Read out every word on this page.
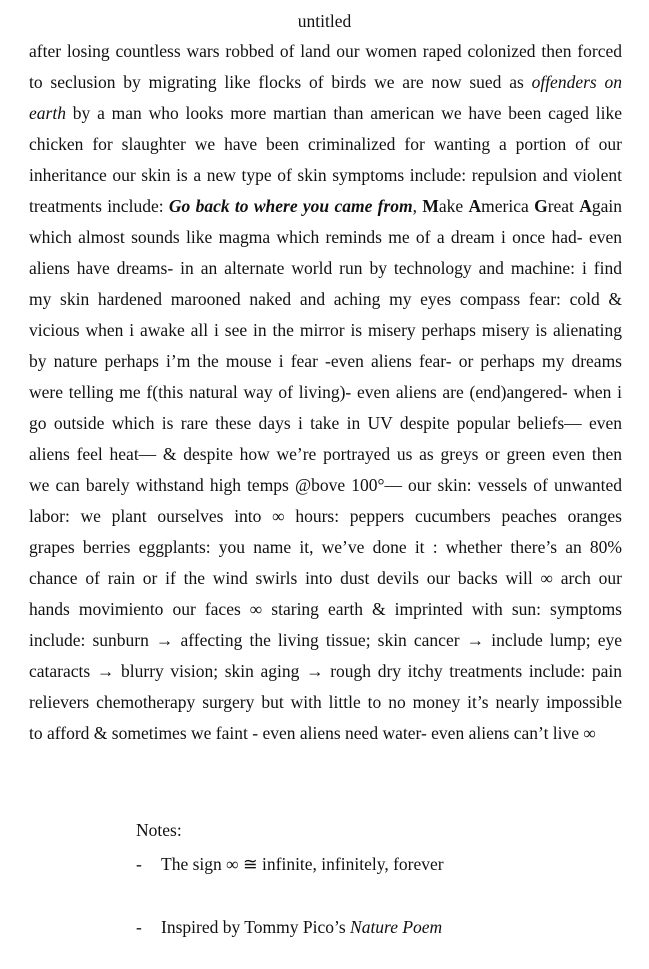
untitled
after losing countless wars robbed of land our women raped colonized then forced
to seclusion by migrating like flocks of birds we are now sued as offenders on
earth by a man who looks more martian than american we have been caged like
chicken for slaughter we have been criminalized for wanting a portion of our
inheritance our skin is a new type of skin symptoms include: repulsion and violent
treatments include: Go back to where you came from, Make America Great Again
which almost sounds like magma which reminds me of a dream i once had- even
aliens have dreams- in an alternate world run by technology and machine: i find
my skin hardened marooned naked and aching my eyes compass fear: cold &
vicious when i awake all i see in the mirror is misery perhaps misery is alienating
by nature perhaps i’m the mouse i fear -even aliens fear- or perhaps my dreams
were telling me f(this natural way of living)- even aliens are (end)angered- when i
go outside which is rare these days i take in UV despite popular beliefs— even
aliens feel heat— & despite how we’re portrayed us as greys or green even then
we can barely withstand high temps @bove 100°— our skin: vessels of unwanted
labor: we plant ourselves into ∞ hours: peppers cucumbers peaches oranges
grapes berries eggplants: you name it, we’ve done it : whether there’s an 80%
chance of rain or if the wind swirls into dust devils our backs will ∞ arch our
hands movimiento our faces ∞ staring earth & imprinted with sun: symptoms
include: sunburn → affecting the living tissue; skin cancer → include lump; eye
cataracts → blurry vision; skin aging → rough dry itchy treatments include: pain
relievers chemotherapy surgery but with little to no money it’s nearly impossible
to afford & sometimes we faint - even aliens need water- even aliens can’t live ∞
Notes:
- The sign ∞ ≅ infinite, infinitely, forever
- Inspired by Tommy Pico’s Nature Poem
